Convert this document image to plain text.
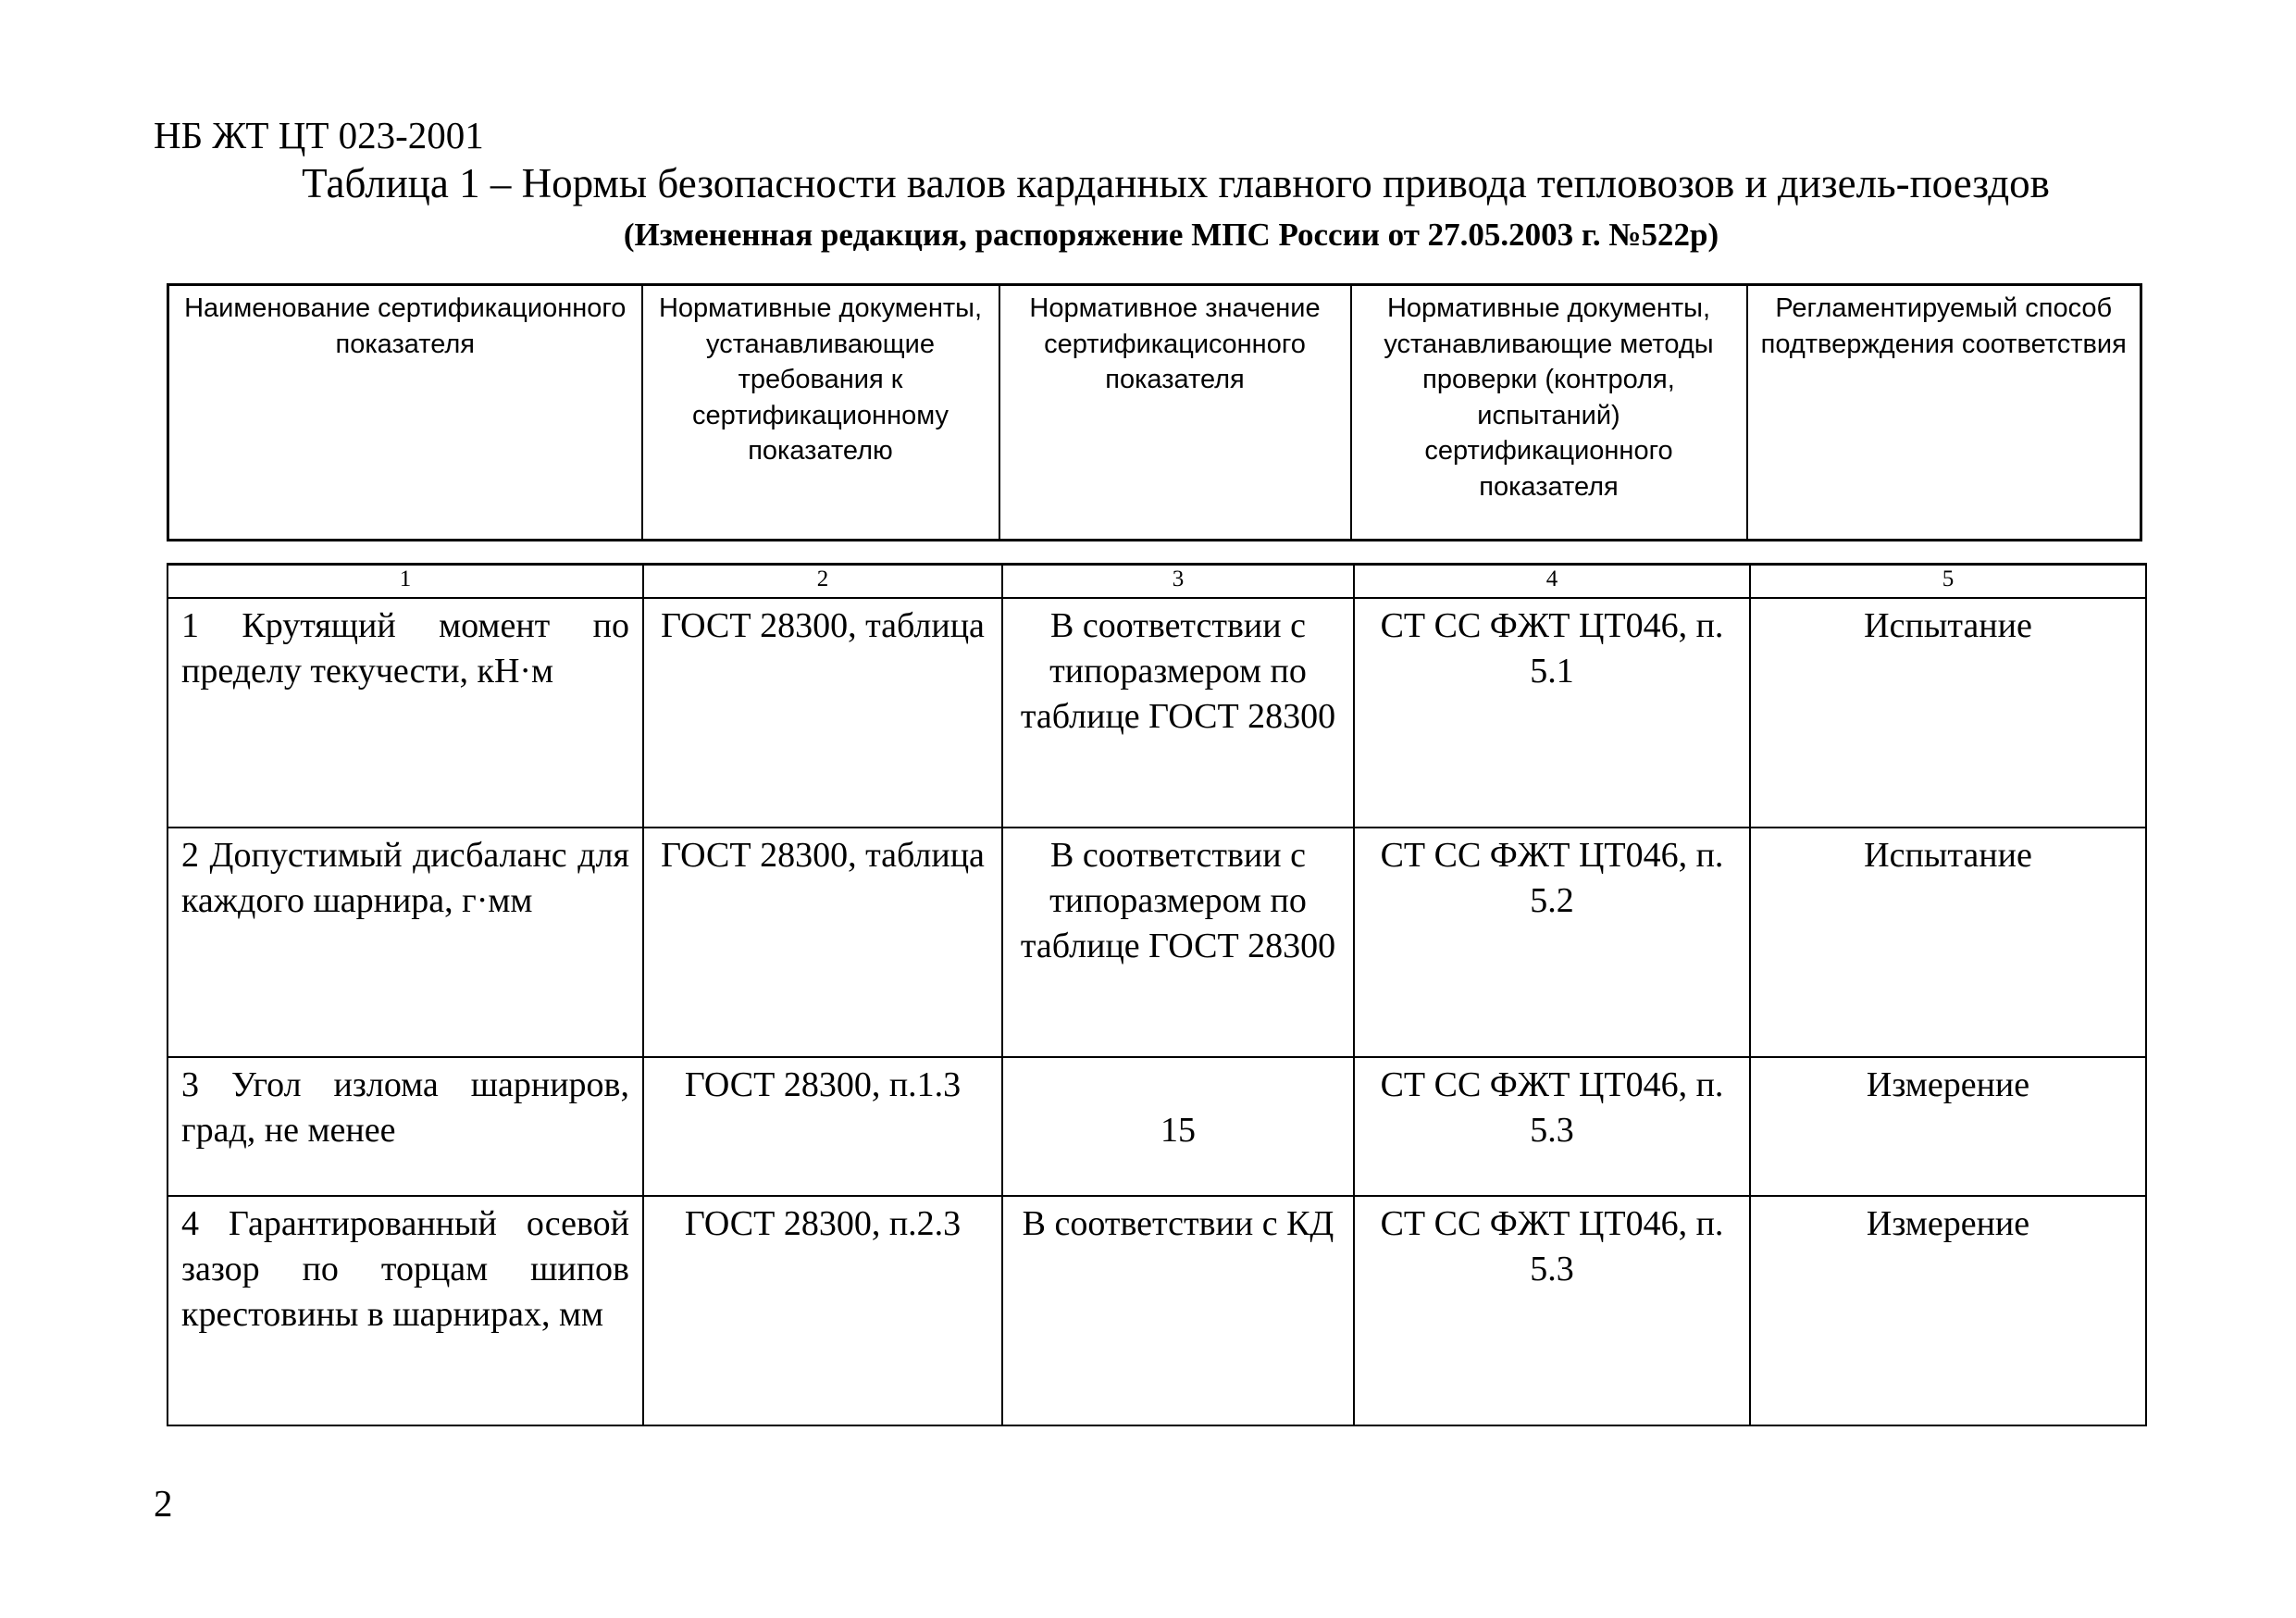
НБ ЖТ ЦТ 023-2001
Таблица 1 – Нормы безопасности валов карданных главного привода тепловозов и дизель-поездов
(Измененная редакция, распоряжение МПС России от 27.05.2003 г. №522р)
Наименование сертификационного показателя	Нормативные документы, устанавливающие требования к сертификационному показателю	Нормативное значение сертификацисoнного показателя	Нормативные документы, устанавливающие методы проверки (контроля, испытаний) сертификационного показателя	Регламентируемый способ подтверждения соответствия
1	2	3	4	5
1 Крутящий момент по пределу текучести, кН·м	ГОСТ 28300, таблица	В соответствии с типоразмером по таблице ГОСТ 28300	СТ СС ФЖТ ЦТ046, п. 5.1	Испытание
2 Допустимый дисбаланс для каждого шарнира, г·мм	ГОСТ 28300, таблица	В соответствии с типоразмером по таблице ГОСТ 28300	СТ СС ФЖТ ЦТ046, п. 5.2	Испытание
3 Угол излома шарниров, град, не менее	ГОСТ 28300, п.1.3	15	СТ СС ФЖТ ЦТ046, п. 5.3	Измерение
4 Гарантированный осевой зазор по торцам шипов крестовины в шарнирах, мм	ГОСТ 28300, п.2.3	В соответствии с КД	СТ СС ФЖТ ЦТ046, п. 5.3	Измерение
2
